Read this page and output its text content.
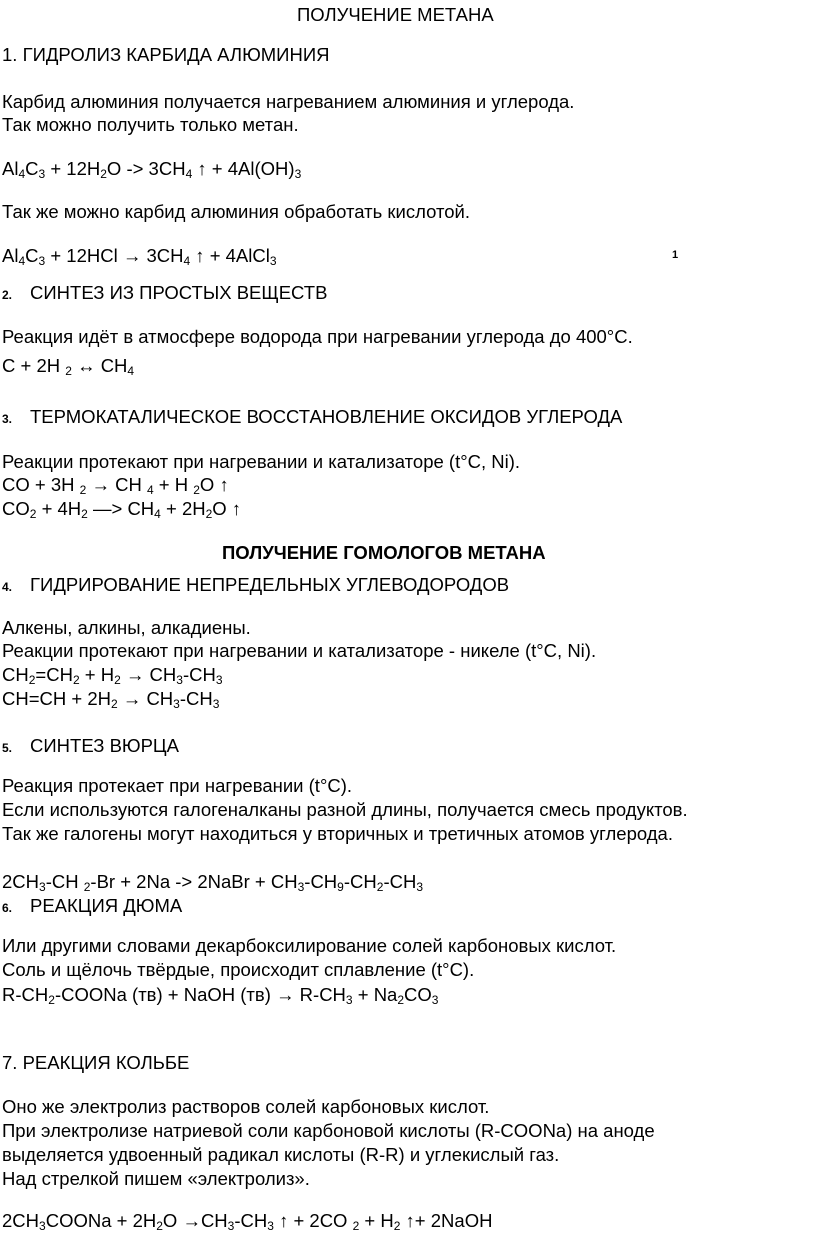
ПОЛУЧЕНИЕ МЕТАНА
1. ГИДРОЛИЗ КАРБИДА АЛЮМИНИЯ
Карбид алюминия получается нагреванием алюминия и углерода.
Так можно получить только метан.
$Al_4C_3 + 12H_2O -> 3CH_4$ ↑ + $4Al(OH)_3$
Так же можно карбид алюминия обработать кислотой.
$Al_4C_3 + 12HCl \to 3CH_4$ ↑ + 4AlCl$_3$	1
2. СИНТЕЗ ИЗ ПРОСТЫХ ВЕЩЕСТВ
Реакция идёт в атмосфере водорода при нагревании углерода до 400°C.
C + 2H $_2$ ↔ $CH_4$
3. ТЕРМОКАТАЛИЧЕСКОЕ ВОССТАНОВЛЕНИЕ ОКСИДОВ УГЛЕРОДА
Реакции протекают при нагревании и катализаторе (t°C, Ni).
CO + 3H $_2$ → CH $_4$ + H $_2$O ↑
$CO_2 + 4H_2$ —> $CH_4 + 2H_2O$ ↑
ПОЛУЧЕНИЕ ГОМОЛОГОВ МЕТАНА
4. ГИДРИРОВАНИЕ НЕПРЕДЕЛЬНЫХ УГЛЕВОДОРОДОВ
Алкены, алкины, алкадиены.
Реакции протекают при нагревании и катализаторе - никеле (t°C, Ni).
$CH_2=CH_2 + H_2 \to CH_3-CH_3$
$CH=CH + 2H_2 \to CH_3-CH_3$
5. СИНТЕЗ ВЮРЦА
Реакция протекает при нагревании (t°C).
Если используются галогеналканы разной длины, получается смесь продуктов.
Так же галогены могут находиться у вторичных и третичных атомов углерода.
$2CH_3-CH$ $_2$-Br + 2Na -> 2NaBr + $CH_3-CH_9-CH_2-CH_3$
6. РЕАКЦИЯ ДЮМА
Или другими словами декарбоксилирование солей карбоновых кислот.
Соль и щёлочь твёрдые, происходит сплавление (t°C).
$R-CH_2$-COONa (тв) + NaOH $(тв) \to R-CH_3 + Na_2CO_3$
7. РЕАКЦИЯ КОЛЬБЕ
Оно же электролиз растворов солей карбоновых кислот.
При электролизе натриевой соли карбоновой кислоты (R-COONa) на аноде
выделяется удвоенный радикал кислоты (R-R) и углекислый газ.
Над стрелкой пишем «электролиз».
$2CH_3COONa + 2H_2O \to CH_3-CH_3$ ↑ + 2CO $_2 + H_2$ ↑+ 2NaOH
